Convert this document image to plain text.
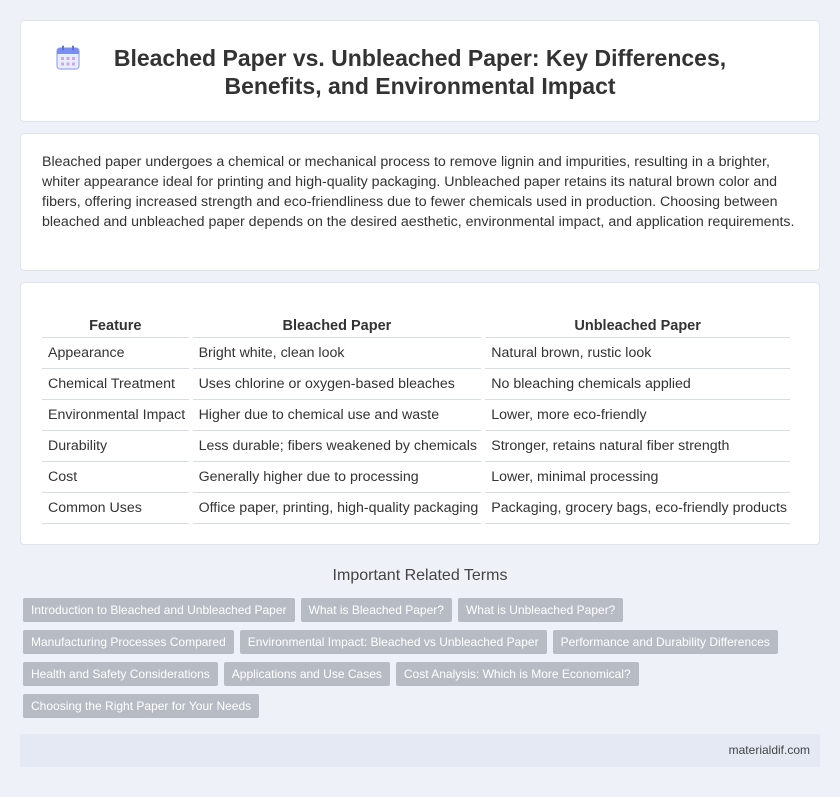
Bleached Paper vs. Unbleached Paper: Key Differences, Benefits, and Environmental Impact

Bleached paper undergoes a chemical or mechanical process to remove lignin and impurities, resulting in a brighter, whiter appearance ideal for printing and high-quality packaging. Unbleached paper retains its natural brown color and fibers, offering increased strength and eco-friendliness due to fewer chemicals used in production. Choosing between bleached and unbleached paper depends on the desired aesthetic, environmental impact, and application requirements.

Feature	Bleached Paper	Unbleached Paper
Appearance	Bright white, clean look	Natural brown, rustic look
Chemical Treatment	Uses chlorine or oxygen-based bleaches	No bleaching chemicals applied
Environmental Impact	Higher due to chemical use and waste	Lower, more eco-friendly
Durability	Less durable; fibers weakened by chemicals	Stronger, retains natural fiber strength
Cost	Generally higher due to processing	Lower, minimal processing
Common Uses	Office paper, printing, high-quality packaging	Packaging, grocery bags, eco-friendly products
Important Related Terms
Introduction to Bleached and Unbleached Paper What is Bleached Paper? What is Unbleached Paper?
Manufacturing Processes Compared Environmental Impact: Bleached vs Unbleached Paper Performance and Durability Differences
Health and Safety Considerations Applications and Use Cases Cost Analysis: Which is More Economical?
Choosing the Right Paper for Your Needs
materialdif.com
